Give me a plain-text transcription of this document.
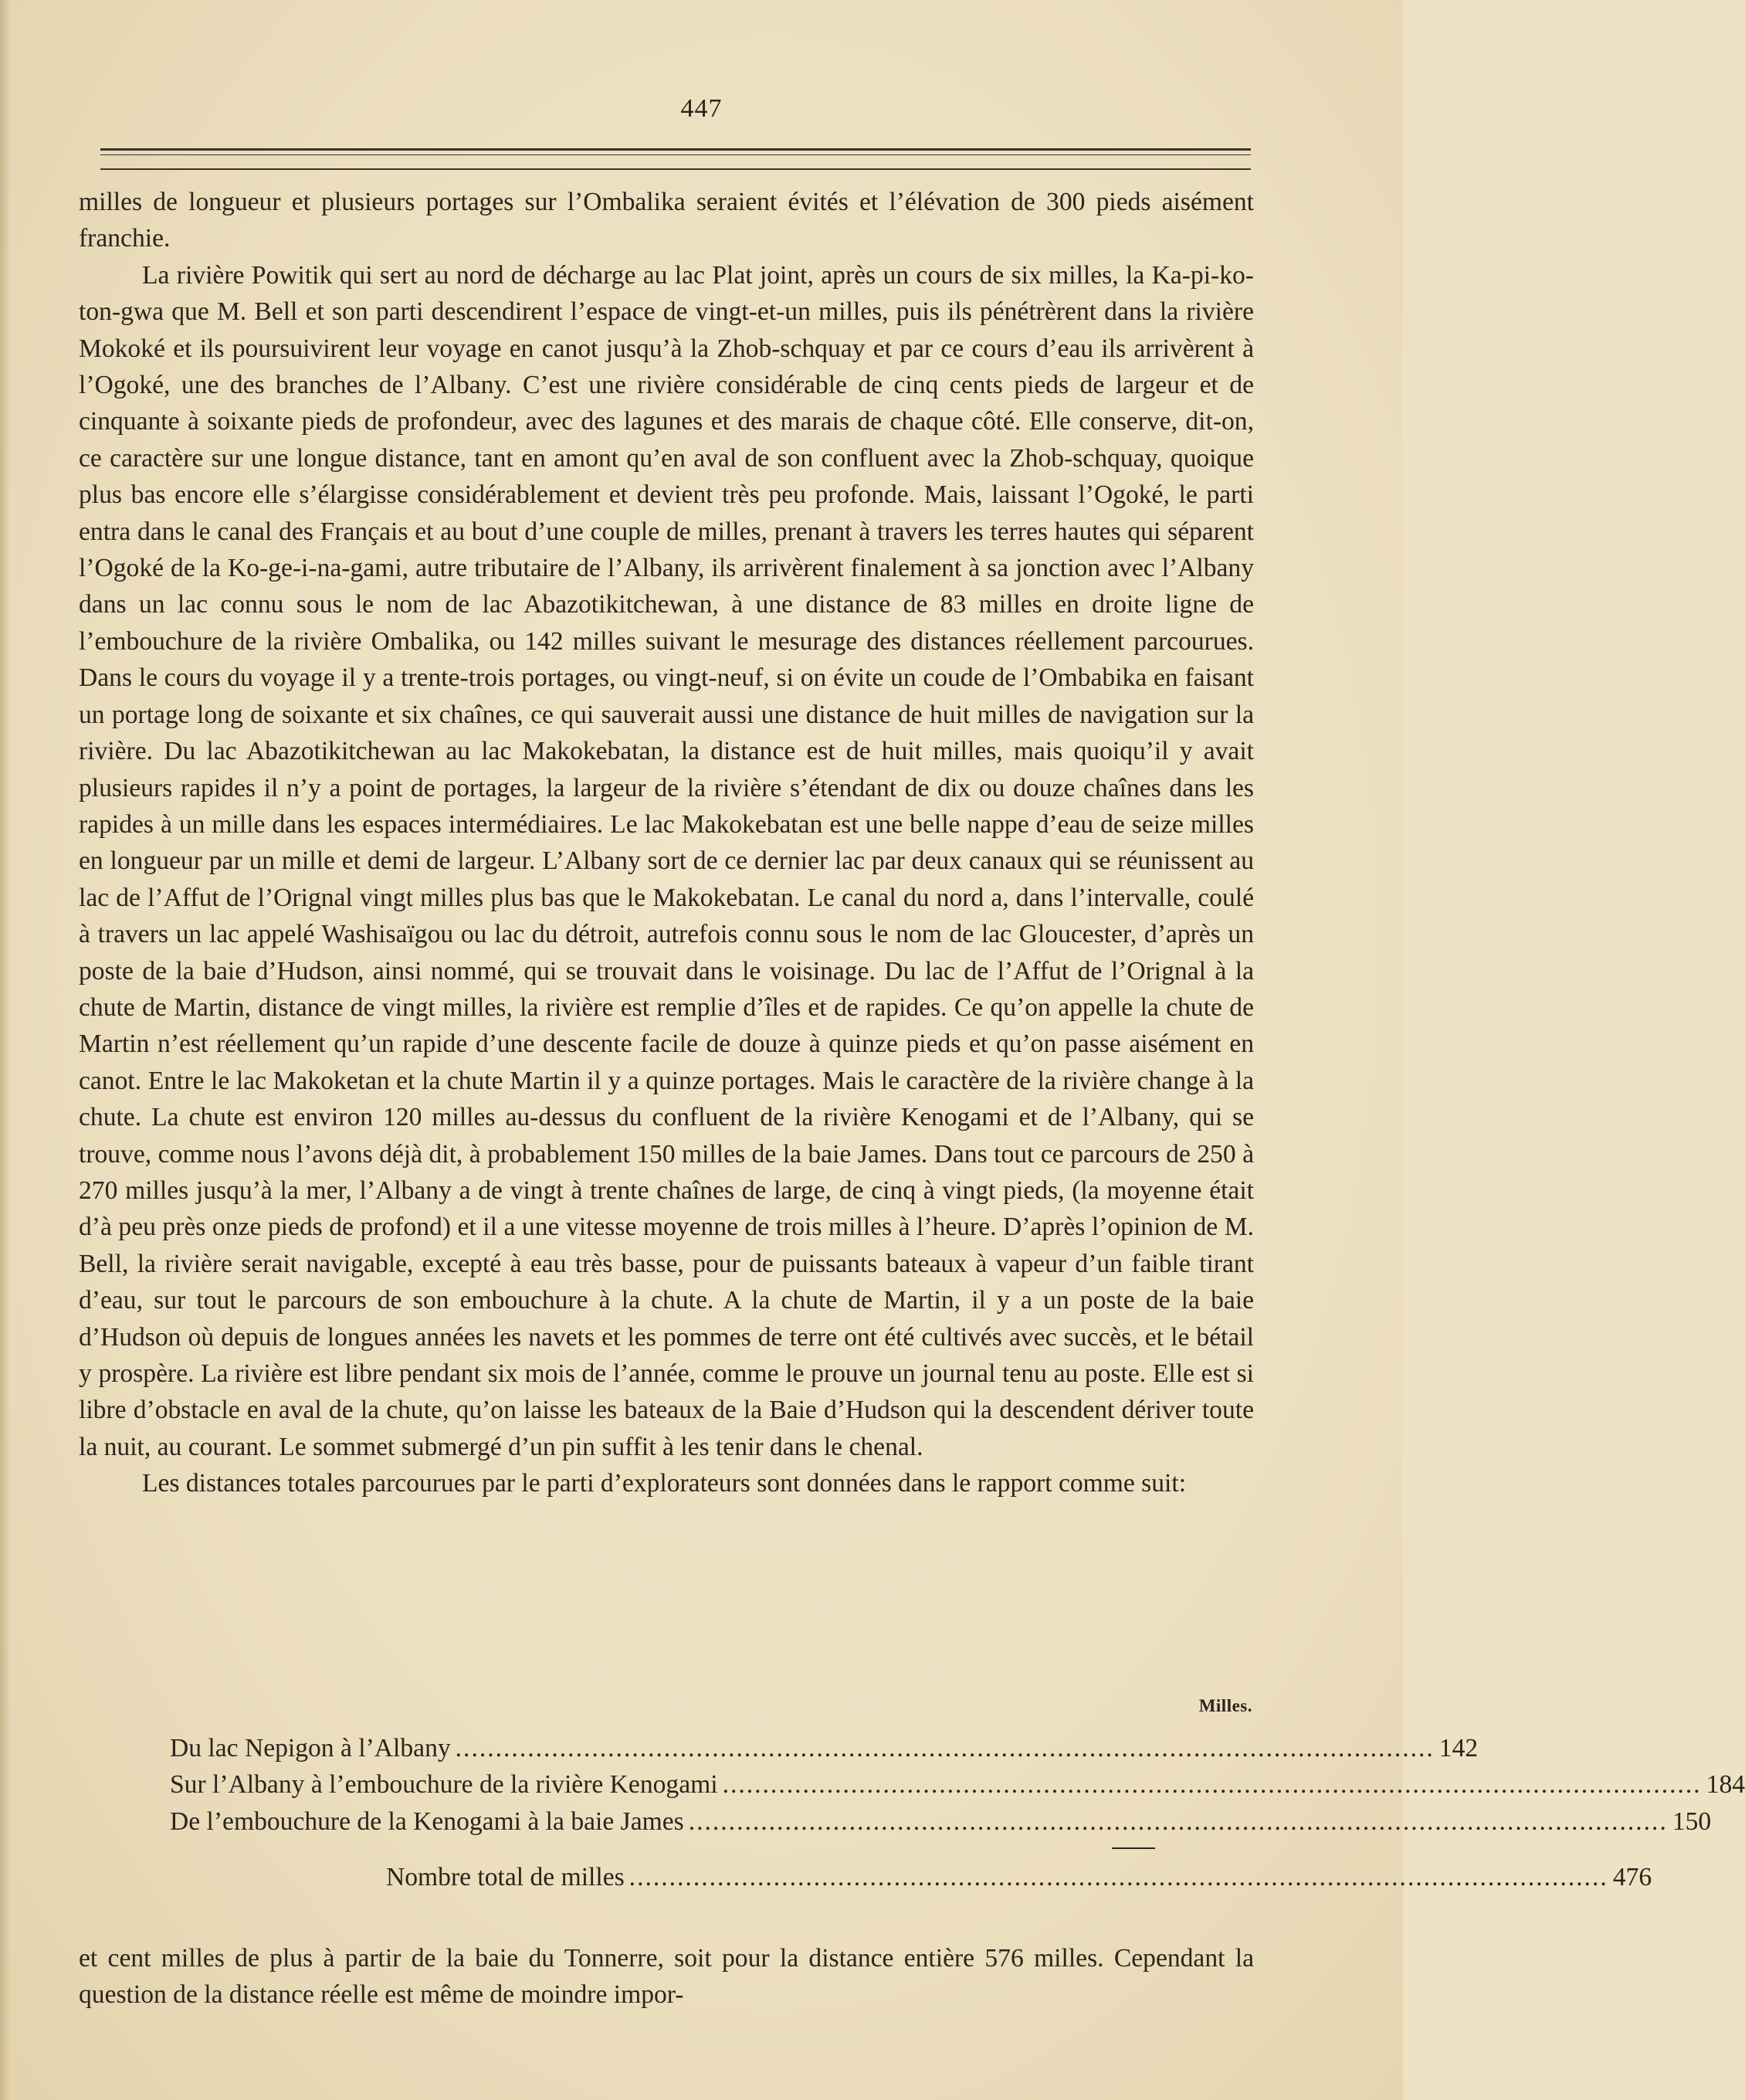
447

milles de longueur et plusieurs portages sur l’Ombalika seraient évités et l’élévation de 300 pieds aisément franchie.

La rivière Powitik qui sert au nord de décharge au lac Plat joint, après un cours de six milles, la Ka-pi-ko-ton-gwa que M. Bell et son parti descendirent l’espace de vingt-et-un milles, puis ils pénétrèrent dans la rivière Mokoké et ils poursuivirent leur voyage en canot jusqu’à la Zhob-schquay et par ce cours d’eau ils arrivèrent à l’Ogoké, une des branches de l’Albany. C’est une rivière considérable de cinq cents pieds de largeur et de cinquante à soixante pieds de profondeur, avec des lagunes et des marais de chaque côté. Elle conserve, dit-on, ce caractère sur une longue distance, tant en amont qu’en aval de son confluent avec la Zhob-schquay, quoique plus bas encore elle s’élargisse considérablement et devient très peu profonde. Mais, laissant l’Ogoké, le parti entra dans le canal des Français et au bout d’une couple de milles, prenant à travers les terres hautes qui séparent l’Ogoké de la Ko-ge-i-na-gami, autre tributaire de l’Albany, ils arrivèrent finalement à sa jonction avec l’Albany dans un lac connu sous le nom de lac Abazotikitchewan, à une distance de 83 milles en droite ligne de l’embouchure de la rivière Ombalika, ou 142 milles suivant le mesurage des distances réellement parcourues. Dans le cours du voyage il y a trente-trois portages, ou vingt-neuf, si on évite un coude de l’Ombabika en faisant un portage long de soixante et six chaînes, ce qui sauverait aussi une distance de huit milles de navigation sur la rivière. Du lac Abazotikitchewan au lac Makokebatan, la distance est de huit milles, mais quoiqu’il y avait plusieurs rapides il n’y a point de portages, la largeur de la rivière s’étendant de dix ou douze chaînes dans les rapides à un mille dans les espaces intermédiaires. Le lac Makokebatan est une belle nappe d’eau de seize milles en longueur par un mille et demi de largeur. L’Albany sort de ce dernier lac par deux canaux qui se réunissent au lac de l’Affut de l’Orignal vingt milles plus bas que le Makokebatan. Le canal du nord a, dans l’intervalle, coulé à travers un lac appelé Washisaïgou ou lac du détroit, autrefois connu sous le nom de lac Gloucester, d’après un poste de la baie d’Hudson, ainsi nommé, qui se trouvait dans le voisinage. Du lac de l’Affut de l’Orignal à la chute de Martin, distance de vingt milles, la rivière est remplie d’îles et de rapides. Ce qu’on appelle la chute de Martin n’est réellement qu’un rapide d’une descente facile de douze à quinze pieds et qu’on passe aisément en canot. Entre le lac Makoketan et la chute Martin il y a quinze portages. Mais le caractère de la rivière change à la chute. La chute est environ 120 milles au-dessus du confluent de la rivière Kenogami et de l’Albany, qui se trouve, comme nous l’avons déjà dit, à probablement 150 milles de la baie James. Dans tout ce parcours de 250 à 270 milles jusqu’à la mer, l’Albany a de vingt à trente chaînes de large, de cinq à vingt pieds, (la moyenne était d’à peu près onze pieds de profond) et il a une vitesse moyenne de trois milles à l’heure. D’après l’opinion de M. Bell, la rivière serait navigable, excepté à eau très basse, pour de puissants bateaux à vapeur d’un faible tirant d’eau, sur tout le parcours de son embouchure à la chute. A la chute de Martin, il y a un poste de la baie d’Hudson où depuis de longues années les navets et les pommes de terre ont été cultivés avec succès, et le bétail y prospère. La rivière est libre pendant six mois de l’année, comme le prouve un journal tenu au poste. Elle est si libre d’obstacle en aval de la chute, qu’on laisse les bateaux de la Baie d’Hudson qui la descendent dériver toute la nuit, au courant. Le sommet submergé d’un pin suffit à les tenir dans le chenal.

Les distances totales parcourues par le parti d’explorateurs sont données dans le rapport comme suit:

Milles.
Du lac Nepigon à l’Albany .......................................................................................................................... 142
Sur l’Albany à l’embouchure de la rivière Kenogami .......................................................................................................................... 184
De l’embouchure de la Kenogami à la baie James .......................................................................................................................... 150
Nombre total de milles .......................................................................................................................... 476

et cent milles de plus à partir de la baie du Tonnerre, soit pour la distance entière 576 milles. Cependant la question de la distance réelle est même de moindre impor-
